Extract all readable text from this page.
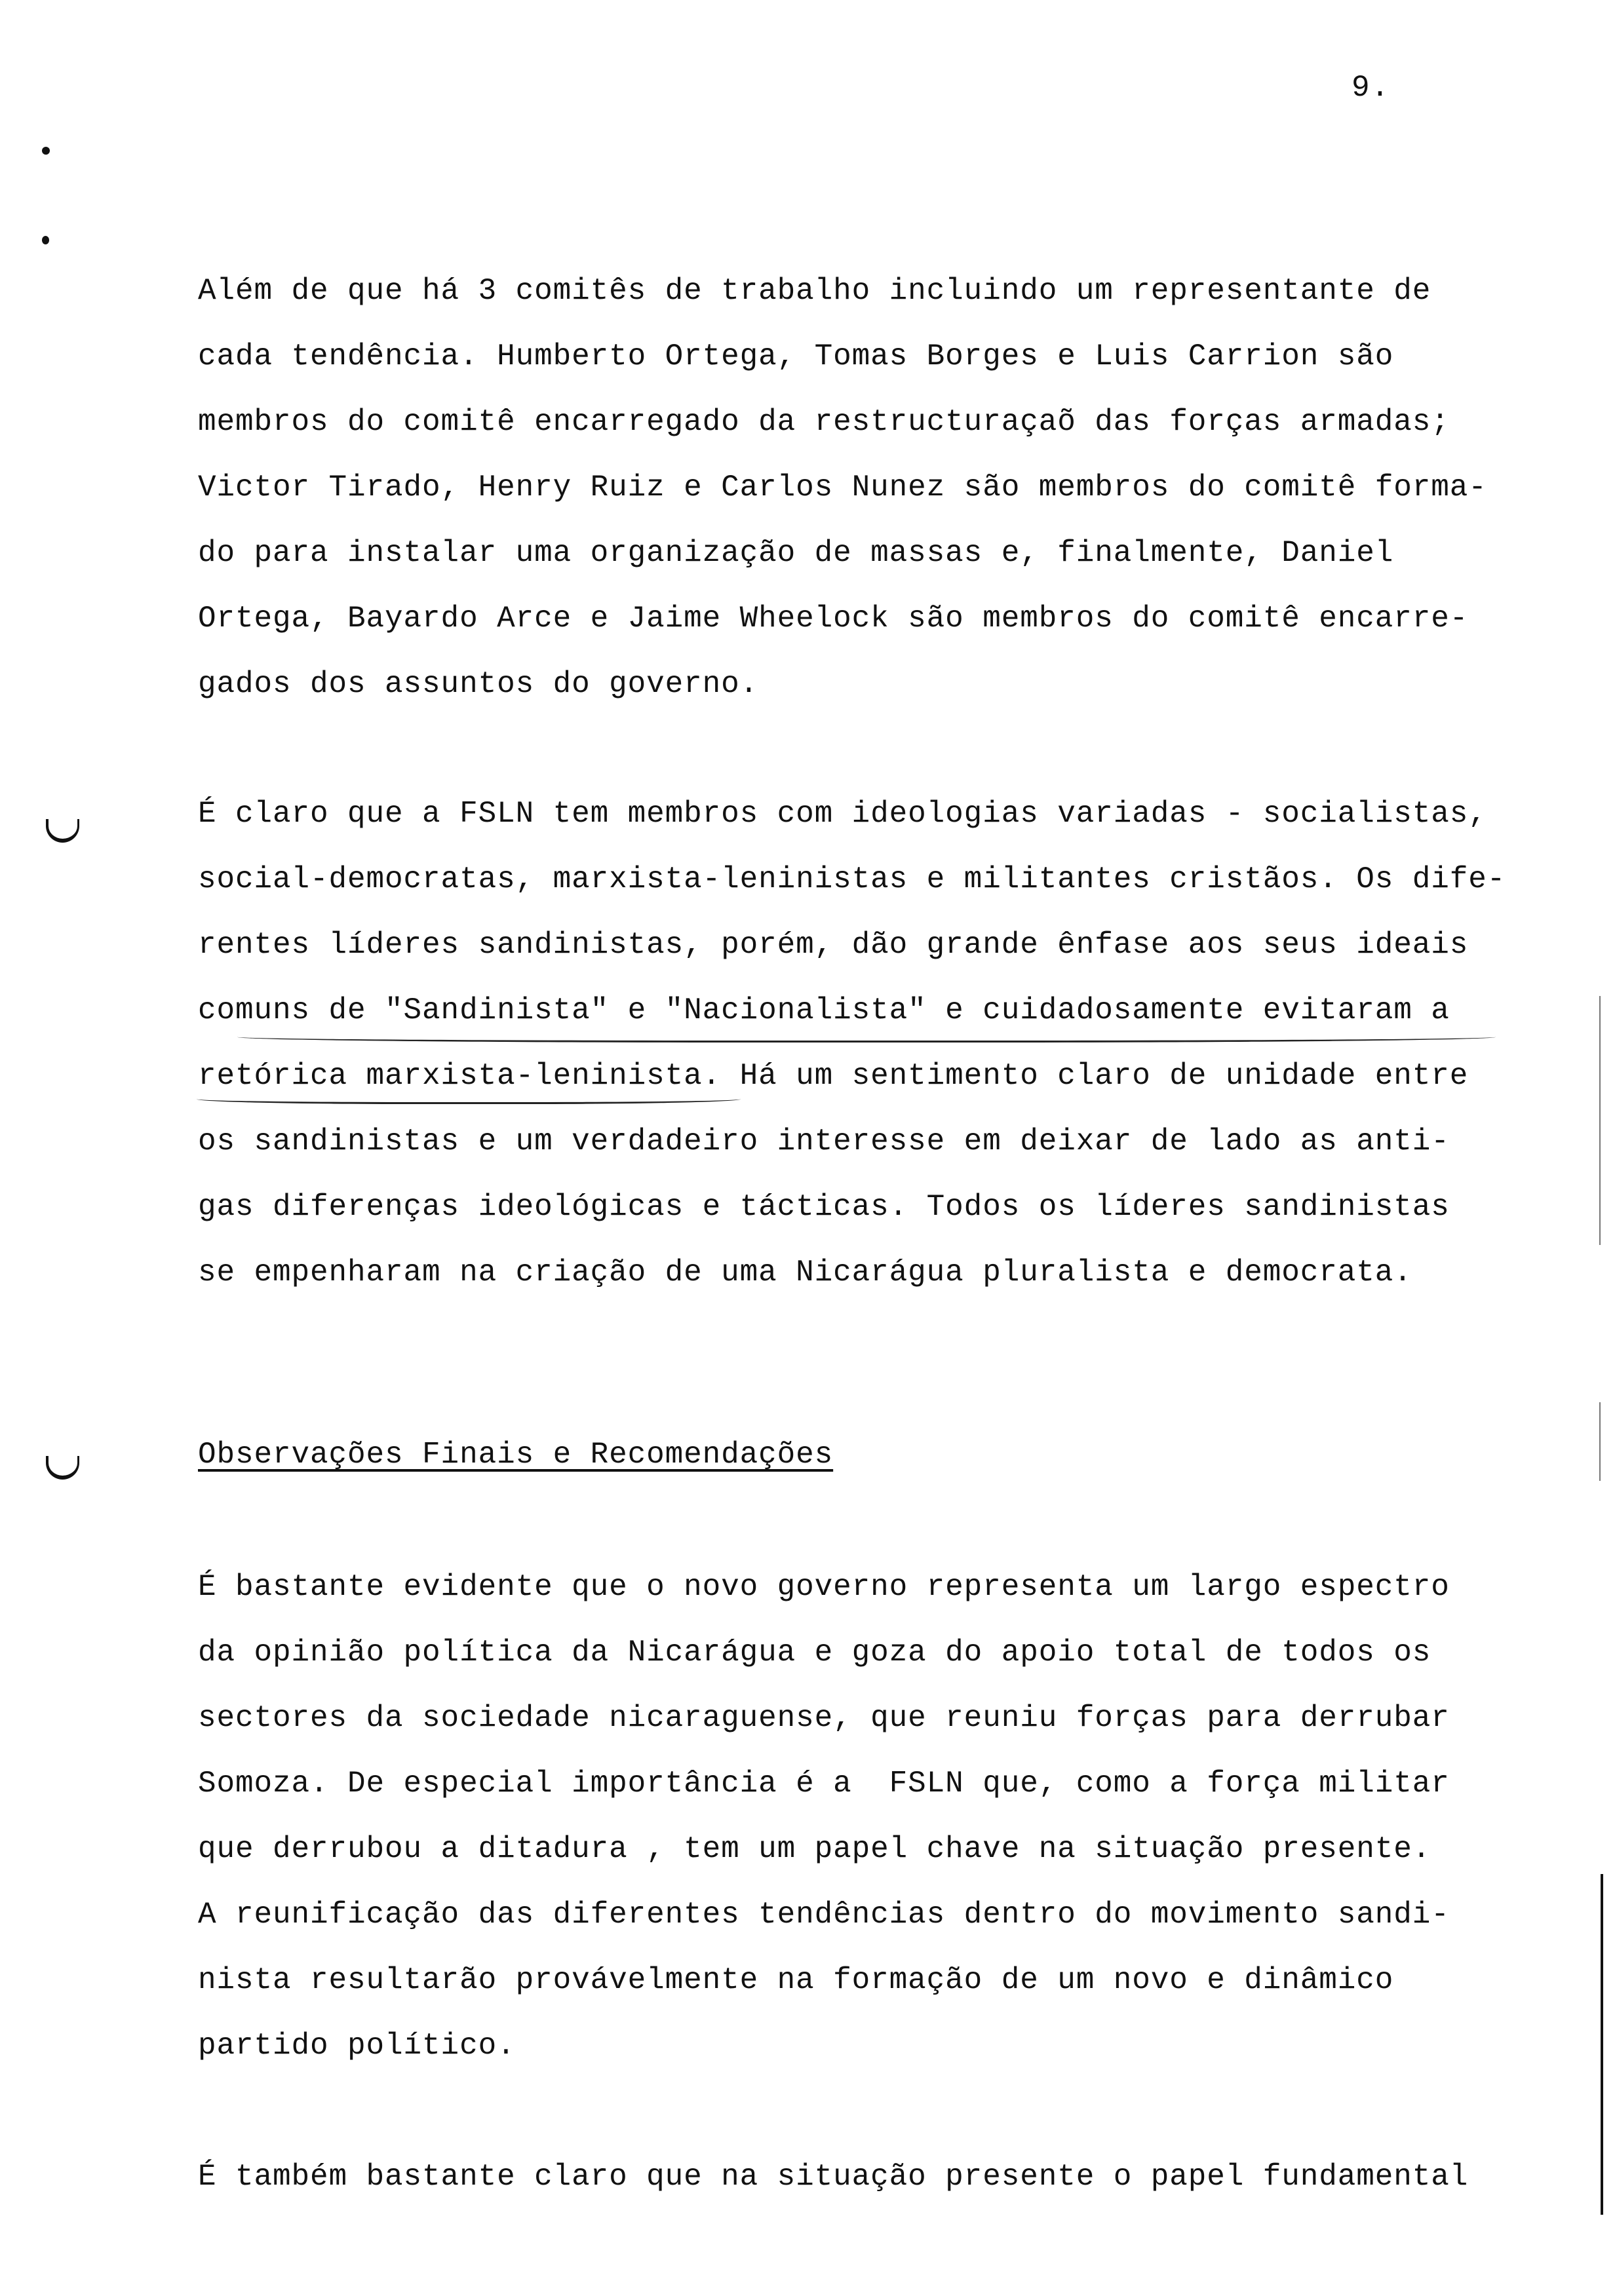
9.
Além de que há 3 comitês de trabalho incluindo um representante de
cada tendência. Humberto Ortega, Tomas Borges e Luis Carrion são
membros do comitê encarregado da restructuraçaõ das forças armadas;
Victor Tirado, Henry Ruiz e Carlos Nunez são membros do comitê forma-
do para instalar uma organização de massas e, finalmente, Daniel
Ortega, Bayardo Arce e Jaime Wheelock são membros do comitê encarre-
gados dos assuntos do governo.
É claro que a FSLN tem membros com ideologias variadas - socialistas,
social-democratas, marxista-leninistas e militantes cristãos. Os dife-
rentes líderes sandinistas, porém, dão grande ênfase aos seus ideais
comuns de "Sandinista" e "Nacionalista" e cuidadosamente evitaram a
retórica marxista-leninista. Há um sentimento claro de unidade entre
os sandinistas e um verdadeiro interesse em deixar de lado as anti-
gas diferenças ideológicas e tácticas. Todos os líderes sandinistas
se empenharam na criação de uma Nicarágua pluralista e democrata.
Observações Finais e Recomendações
É bastante evidente que o novo governo representa um largo espectro
da opinião política da Nicarágua e goza do apoio total de todos os
sectores da sociedade nicaraguense, que reuniu forças para derrubar
Somoza. De especial importância é a  FSLN que, como a força militar
que derrubou a ditadura , tem um papel chave na situação presente.
A reunificação das diferentes tendências dentro do movimento sandi-
nista resultarão provávelmente na formação de um novo e dinâmico
partido político.
É também bastante claro que na situação presente o papel fundamental
